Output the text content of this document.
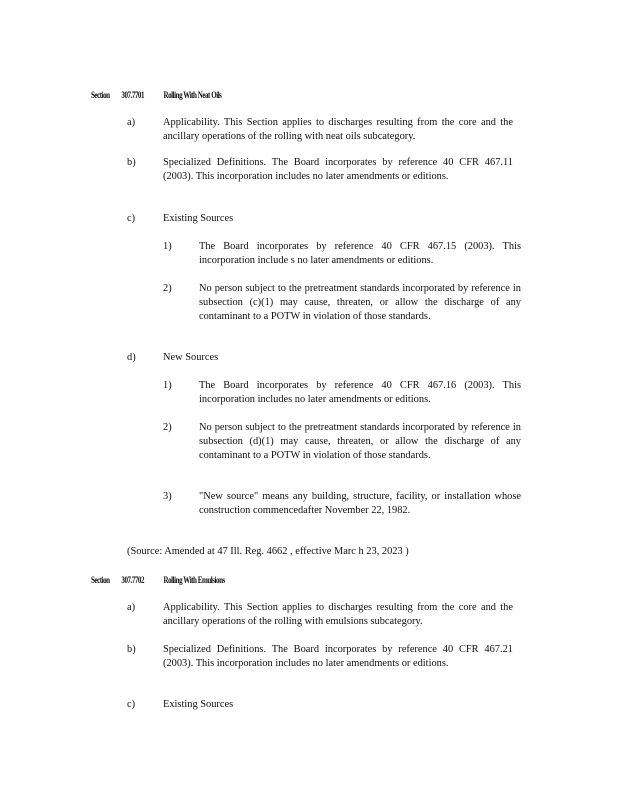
Section 307.7701 Rolling With Neat Oils
a)	Applicability. This Section applies to discharges resulting from the core and the ancillary operations of the rolling with neat oils subcategory.
b)	Specialized Definitions. The Board incorporates by reference 40 CFR 467.11 (2003). This incorporation includes no later amendments or editions.
c)	Existing Sources
1)	The Board incorporates by reference 40 CFR 467.15 (2003). This incorporation include s no later amendments or editions.
2)	No person subject to the pretreatment standards incorporated by reference in subsection (c)(1) may cause, threaten, or allow the discharge of any contaminant to a POTW in violation of those standards.
d)	New Sources
1)	The Board incorporates by reference 40 CFR 467.16 (2003). This incorporation includes no later amendments or editions.
2)	No person subject to the pretreatment standards incorporated by reference in subsection (d)(1) may cause, threaten, or allow the discharge of any contaminant to a POTW in violation of those standards.
3)	"New source" means any building, structure, facility, or installation whose construction commencedafter November 22, 1982.
(Source: Amended at 47 Ill. Reg. 4662 , effective Marc h 23, 2023 )
Section 307.7702 Rolling With Emulsions
a)	Applicability. This Section applies to discharges resulting from the core and the ancillary operations of the rolling with emulsions subcategory.
b)	Specialized Definitions. The Board incorporates by reference 40 CFR 467.21 (2003). This incorporation includes no later amendments or editions.
c)	Existing Sources
